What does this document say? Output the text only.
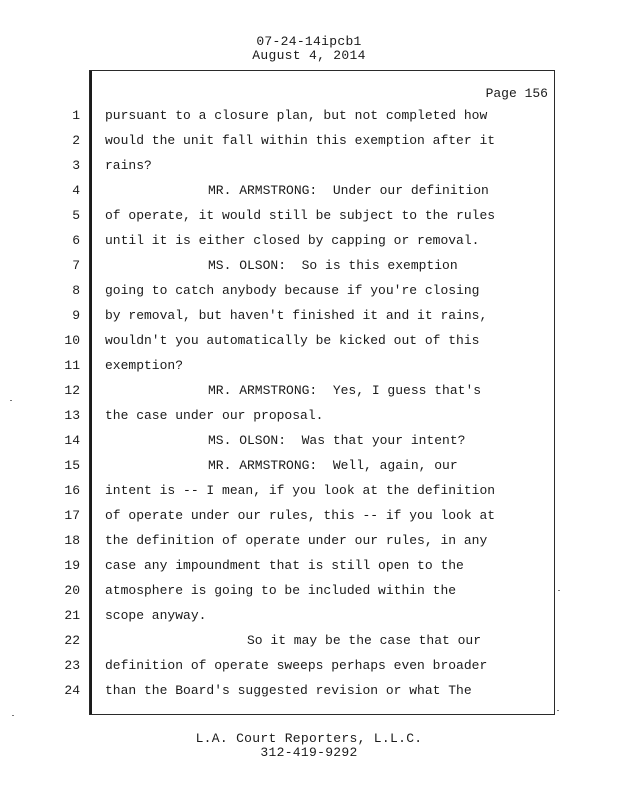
07-24-14ipcb1
August 4, 2014
Page 156
1 pursuant to a closure plan, but not completed how
2 would the unit fall within this exemption after it
3 rains?
4	MR. ARMSTRONG:  Under our definition
5 of operate, it would still be subject to the rules
6 until it is either closed by capping or removal.
7	MS. OLSON:  So is this exemption
8 going to catch anybody because if you're closing
9 by removal, but haven't finished it and it rains,
10 wouldn't you automatically be kicked out of this
11 exemption?
12	MR. ARMSTRONG:  Yes, I guess that's
13 the case under our proposal.
14	MS. OLSON:  Was that your intent?
15	MR. ARMSTRONG:  Well, again, our
16 intent is -- I mean, if you look at the definition
17 of operate under our rules, this -- if you look at
18 the definition of operate under our rules, in any
19 case any impoundment that is still open to the
20 atmosphere is going to be included within the
21 scope anyway.
22	So it may be the case that our
23 definition of operate sweeps perhaps even broader
24 than the Board's suggested revision or what The
L.A. Court Reporters, L.L.C.
312-419-9292
